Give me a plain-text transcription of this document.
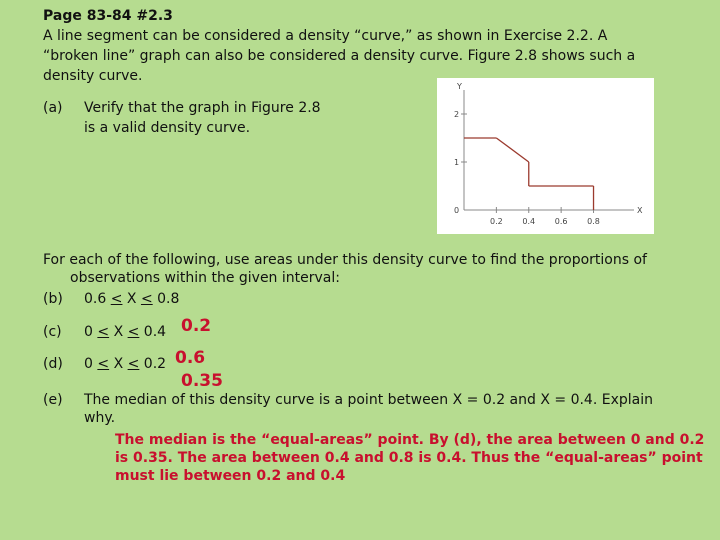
Page 83-84 #2.3
A line segment can be considered a density “curve,” as shown in Exercise 2.2. A
“broken line” graph can also be considered a density curve. Figure 2.8 shows such a
density curve.
(a) Verify that the graph in Figure 2.8
is a valid density curve.
Y
X
0
1
2
0.2 0.4 0.6 0.8
For each of the following, use areas under this density curve to find the proportions of
observations within the given interval:
(b) 0.6 < X < 0.8
(c) 0 < X < 0.4
(d) 0 < X < 0.2
0.2
0.6
0.35
(e) The median of this density curve is a point between X = 0.2 and X = 0.4. Explain
why.
The median is the “equal-areas” point. By (d), the area between 0 and 0.2
is 0.35. The area between 0.4 and 0.8 is 0.4. Thus the “equal-areas” point
must lie between 0.2 and 0.4
